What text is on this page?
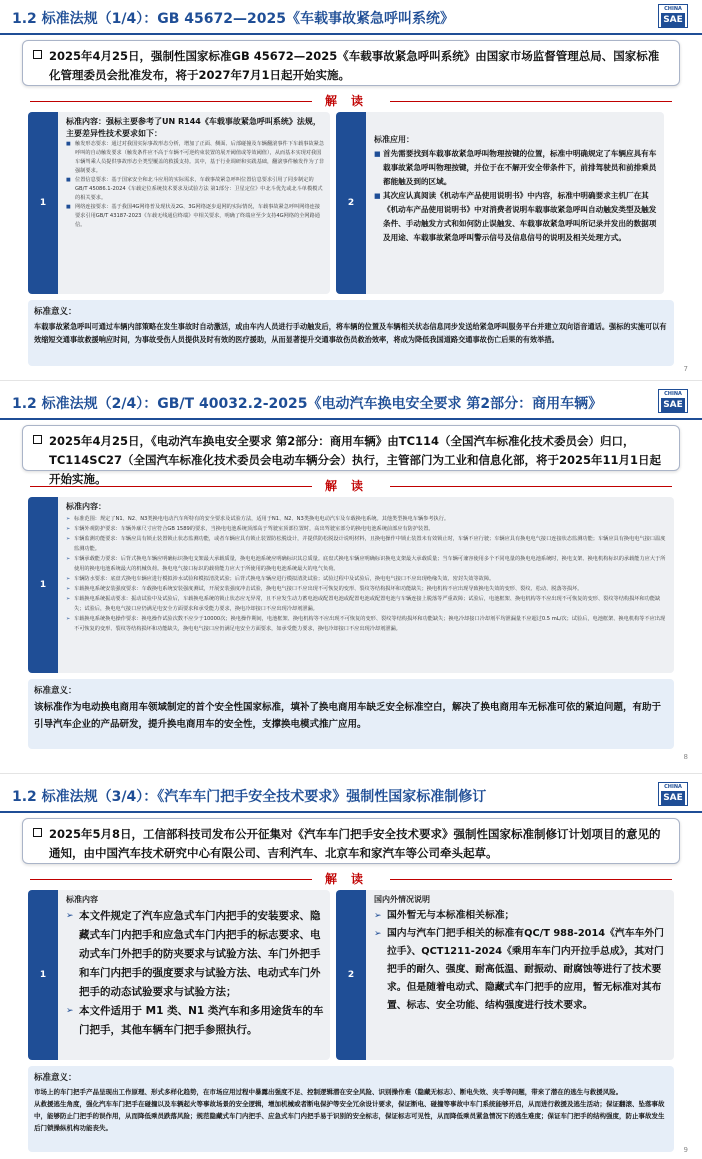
1.2 标准法规（1/4）：GB 45672—2025《车载事故紧急呼叫系统》
CHINA
SAE
2025年4月25日，强制性国家标准GB 45672—2025《车载事故紧急呼叫系统》由国家市场监督管理总局、国家标准化管理委员会批准发布，将于2027年7月1日起开始实施。
解读
1
标准内容：强标主要参考了UN R144《车载事故紧急呼叫系统》法规，主要差异性技术要求如下：
■ 触发形态要求：通过对我国实际事故形态分析，增加了正面、侧面、后部碰撞及车辆翻滚事件下车载事故紧急呼叫的自动触发要求（触发条件应不高于车辆不可逆约束装置的展开阈值或等效阈值），从而基本实现对我国车辆驾乘人员提供事故形态全类型覆盖的救援支持。其中，基于行业调研和实践基础，翻滚事件触发作为了非强制要求。
■ 位置信息要求：基于国家安全和北斗应用的实际需求，车载事故紧急呼叫位置信息要求引用了同步制定的GB/T 45086.1-2024《车载定位系统技术要求及试验方法 第1部分：卫星定位》中北斗优先或北斗单模模式的相关要求。
■ 网络连接要求：基于我国4G网络普及现状及2G、3G网络逐步退网的实际情况，车载事故紧急呼叫网络连接要求引用GB/T 43187-2023《车载无线通信终端》中相关要求，明确了终端应至少支持4G网络的全网路通信。
2
标准应用：
■ 首先需要找到车载事故紧急呼叫物理按键的位置，标准中明确规定了车辆应具有车载事故紧急呼叫物理按键，并位于在不解开安全带条件下，前排驾驶员和前排乘员都能触及到的区域。
■ 其次应认真阅读《机动车产品使用说明书》中内容，标准中明确要求主机厂在其《机动车产品使用说明书》中对消费者说明车载事故紧急呼叫自动触发类型及触发条件、手动触发方式和如何防止误触发、车载事故紧急呼叫所记录并发出的数据项及用途、车载事故紧急呼叫警示信号及信息信号的说明及相关处理方式。
标准意义：
车载事故紧急呼叫可通过车辆内部策略在发生事故时自动激活，或由车内人员进行手动触发后，将车辆的位置及车辆相关状态信息同步发送给紧急呼叫服务平台并建立双向语音通话。强标的实施可以有效缩短交通事故救援响应时间，为事故受伤人员提供及时有效的医疗援助，从而显著提升交通事故伤员救治效率，将成为降低我国道路交通事故伤亡后果的有效举措。
7
1.2 标准法规（2/4）：GB/T 40032.2-2025《电动汽车换电安全要求 第2部分：商用车辆》
CHINA
SAE
2025年4月25日，《电动汽车换电安全要求 第2部分：商用车辆》由TC114（全国汽车标准化技术委员会）归口，TC114SC27（全国汽车标准化技术委员会电动车辆分会）执行，主管部门为工业和信息化部，将于2025年11月1日起开始实施。	解读
1
标准内容：
➢ 标准范围：规定了N1、N2、N3类换电电动汽车所特有的安全要求及试验方法，适用于N1、N2、N3类换电电动汽车及车载换电系统。其他类型换电车辆参考执行。
➢ 车辆外观防护要求：车辆外廓尺寸应符合GB 1589的要求，当换电电池系统顶部高于驾驶室顶部位置时，高出驾驶室部分的换电电池系统前部应有防护装置。
➢ 车辆监测功能要求：车辆应具有锁止装置锁止状态监测功能，或者车辆应具有锁止装置防松脱设计，并提供防松脱设计说明材料，且换电操作中锁止装置未有效锁止时，车辆不应行驶；车辆应具有换电电气接口连接状态监测功能；车辆应具有换电电气接口温度监测功能。
➢ 车辆承载能力要求：后背式换电车辆应明确标识换电支架最大承载质量，换电电池系统应明确标识其总质量。底盘式换电车辆应明确标识换电支架最大承载质量；当车辆可兼容使用多个不同电量的换电电池系统时，换电支架、换电机构标识的承载能力应大于所使用的换电电池系统最大的机械负荷。换电电气接口标识的载荷能力应大于所使用的换电电池系统最大的电气负荷。
➢ 车辆防水要求：底盘式换电车辆应进行模拟涉水试验和模拟清洗试验；后背式换电车辆应进行模拟清洗试验；试验过程中及试验后，换电电气接口不应出现绝缘失效、密封失效等故障。
➢ 车载换电系统安装强度要求：车载换电系统安装强度测试，开展安装强度冲击试验，换电电气接口不应出现不可恢复的变形、裂纹等结构损坏和功能缺失；换电机构不应出现导致换电失效的变形、裂纹、松动、脱落等损坏。
➢ 车载换电系统振动要求：振动试验中及试验后，车载换电系统的锁止状态应无异常，且不应发生动力蓄电池或配置电池或配置电池或配置电池与车辆连接上脱落等严重故障；试验后，电池框架、换电机构等不应出现不可恢复的变形、裂纹等结构损坏和功能缺失；试验后，换电电气接口应仍满足电安全方面要求和承受能力要求，换电冷却接口不应出现冷却剂泄漏。
➢ 车载换电系统换电操作要求：换电操作试验次数不应少于10000次；换电操作期间，电池框架、换电机构等不应出现不可恢复的变形、裂纹等结构损坏和功能缺失；换电冷却接口冷却剂平均泄漏量不应超过0.5 mL/次；试验后，电池框架、换电机构等不应出现不可恢复的变形、裂纹等结构损坏和功能缺失，换电电气接口应仍满足电安全方面要求，如承受能力要求，换电冷却接口不应出现冷却剂泄漏。
标准意义：
该标准作为电动换电商用车领域制定的首个安全性国家标准，填补了换电商用车缺乏安全标准空白，解决了换电商用车无标准可依的紧迫问题，有助于引导汽车企业的产品研发，提升换电商用车的安全性，支撑换电模式推广应用。
8
1.2 标准法规（3/4）：《汽车车门把手安全技术要求》强制性国家标准制修订
CHINA
SAE
2025年5月8日，工信部科技司发布公开征集对《汽车车门把手安全技术要求》强制性国家标准制修订计划项目的意见的通知，由中国汽车技术研究中心有限公司、吉利汽车、北京车和家汽车等公司牵头起草。
解读
1
标准内容
➢ 本文件规定了汽车应急式车门内把手的安装要求、隐藏式车门内把手和应急式车门内把手的标志要求、电动式车门外把手的防夹要求与试验方法、车门外把手和车门内把手的强度要求与试验方法、电动式车门外把手的动态试验要求与试验方法；
➢ 本文件适用于 M1 类、N1 类汽车和多用途货车的车门把手，其他车辆车门把手参照执行。
2
国内外情况说明
➢ 国外暂无与本标准相关标准；
➢ 国内与汽车门把手相关的标准有QC/T 988-2014《汽车车外门拉手》、QCT1211-2024《乘用车车门内开拉手总成》，其对门把手的耐久、强度、耐高低温、耐振动、耐腐蚀等进行了技术要求。但是随着电动式、隐藏式车门把手的应用，暂无标准对其布置、标志、安全功能、结构强度进行技术要求。
标准意义：
市场上的车门把手产品呈现出工作原理、形式多样化趋势，在市场应用过程中暴露出强度不足、控制逻辑潜在安全风险、识别操作难（隐藏无标志）、断电失效、夹手等问题，带来了潜在的逃生与救援风险。
从救援逃生角度，强化汽车车门把手在碰撞以及车辆起火等事故场景的安全逻辑，增加机械或者断电保护等安全冗余设计要求，保证断电、碰撞等事故中车门系统能够开启，从而进行救援及逃生活动；保证翻滚、坠落事故中，能够防止门把手的误作用，从而降低乘员跌落风险；规范隐藏式车门内把手、应急式车门内把手易于识别的安全标志，保证标志可见性，从而降低乘员紧急情况下的逃生难度；保证车门把手的结构强度，防止事故发生后门锁操纵机构功能丧失。
9
